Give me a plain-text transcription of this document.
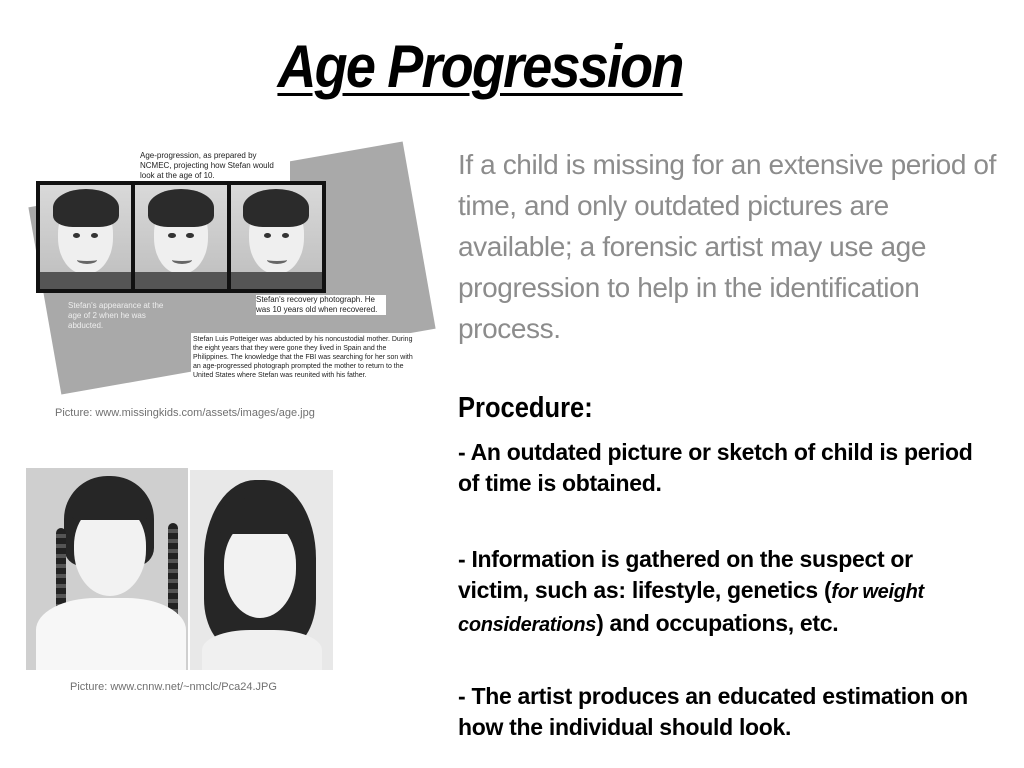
Age Progression
Age-progression, as prepared by NCMEC, projecting how Stefan would look at the age of 10.
Stefan's appearance at the age of 2 when he was abducted.
Stefan's recovery photograph. He was 10 years old when recovered.
Stefan Luis Potteiger was abducted by his noncustodial mother. During the eight years that they were gone they lived in Spain and the Philippines. The knowledge that the FBI was searching for her son with an age-progressed photograph prompted the mother to return to the United States where Stefan was reunited with his father.
Picture: www.missingkids.com/assets/images/age.jpg
Picture: www.cnnw.net/~nmclc/Pca24.JPG
If a child is missing for an extensive period of time, and only outdated pictures are available; a forensic artist may use age progression to help in the identification process.
Procedure:
- An outdated picture or sketch of child is period of time is obtained.
- Information is gathered on the suspect or victim, such as: lifestyle, genetics (for weight considerations) and occupations, etc.
- The artist produces an educated estimation on how the individual should look.
